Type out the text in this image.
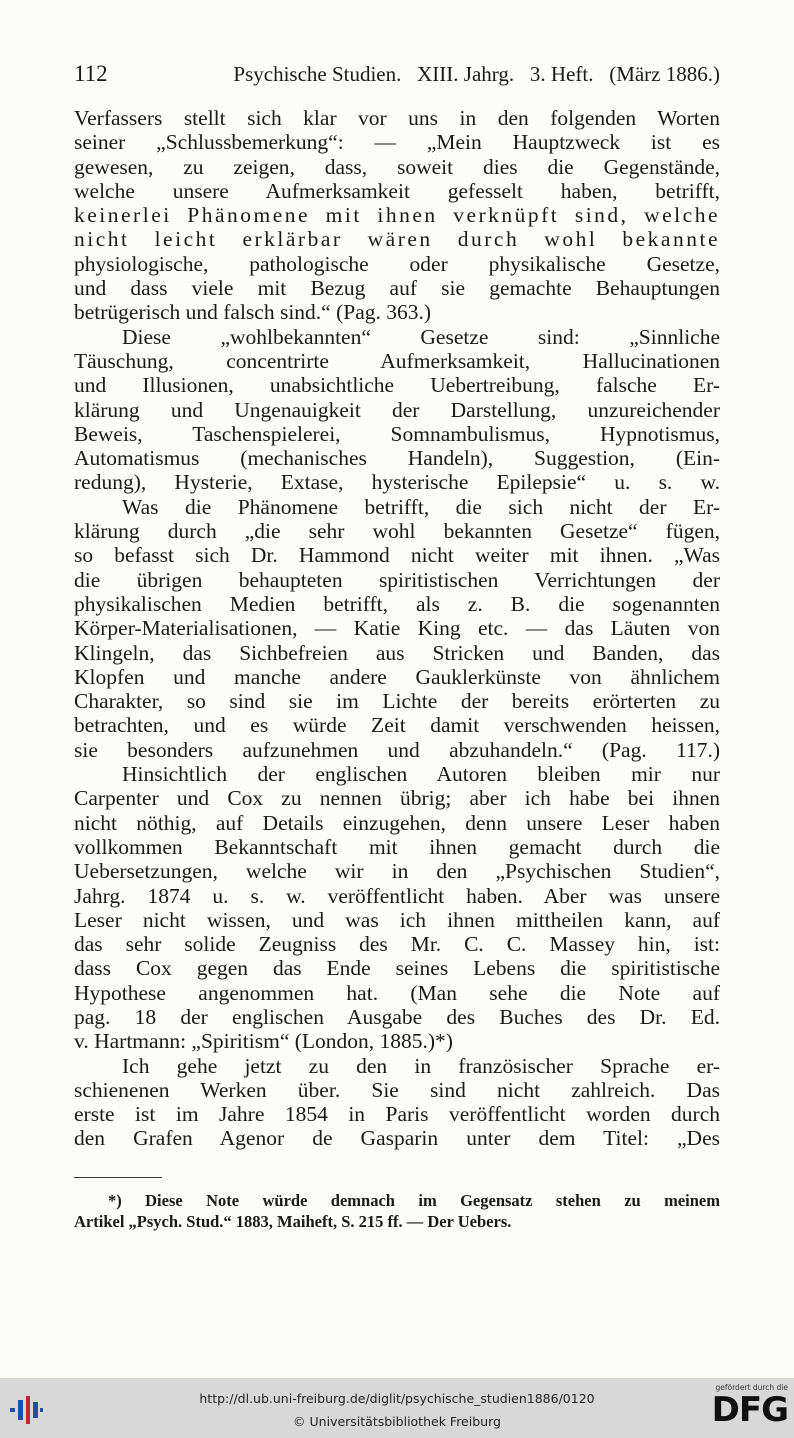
112	Psychische Studien.   XIII. Jahrg.   3. Heft.   (März 1886.)
Verfassers stellt sich klar vor uns in den folgenden Worten
seiner „Schlussbemerkung“: — „Mein Hauptzweck ist es
gewesen, zu zeigen, dass, soweit dies die Gegenstände,
welche unsere Aufmerksamkeit gefesselt haben, betrifft,
keinerlei Phänomene mit ihnen verknüpft sind, welche
nicht leicht erklärbar wären durch wohl bekannte
physiologische, pathologische oder physikalische Gesetze,
und dass viele mit Bezug auf sie gemachte Behauptungen
betrügerisch und falsch sind.“ (Pag. 363.)
Diese „wohlbekannten“ Gesetze sind: „Sinnliche
Täuschung, concentrirte Aufmerksamkeit, Hallucinationen
und Illusionen, unabsichtliche Uebertreibung, falsche Er-
klärung und Ungenauigkeit der Darstellung, unzureichender
Beweis, Taschenspielerei, Somnambulismus, Hypnotismus,
Automatismus (mechanisches Handeln), Suggestion, (Ein-
redung), Hysterie, Extase, hysterische Epilepsie“ u. s. w.
Was die Phänomene betrifft, die sich nicht der Er-
klärung durch „die sehr wohl bekannten Gesetze“ fügen,
so befasst sich Dr. Hammond nicht weiter mit ihnen. „Was
die übrigen behaupteten spiritistischen Verrichtungen der
physikalischen Medien betrifft, als z. B. die sogenannten
Körper-Materialisationen, — Katie King etc. — das Läuten von
Klingeln, das Sichbefreien aus Stricken und Banden, das
Klopfen und manche andere Gauklerkünste von ähnlichem
Charakter, so sind sie im Lichte der bereits erörterten zu
betrachten, und es würde Zeit damit verschwenden heissen,
sie besonders aufzunehmen und abzuhandeln.“ (Pag. 117.)
Hinsichtlich der englischen Autoren bleiben mir nur
Carpenter und Cox zu nennen übrig; aber ich habe bei ihnen
nicht nöthig, auf Details einzugehen, denn unsere Leser haben
vollkommen Bekanntschaft mit ihnen gemacht durch die
Uebersetzungen, welche wir in den „Psychischen Studien“,
Jahrg. 1874 u. s. w. veröffentlicht haben. Aber was unsere
Leser nicht wissen, und was ich ihnen mittheilen kann, auf
das sehr solide Zeugniss des Mr. C. C. Massey hin, ist:
dass Cox gegen das Ende seines Lebens die spiritistische
Hypothese angenommen hat. (Man sehe die Note auf
pag. 18 der englischen Ausgabe des Buches des Dr. Ed.
v. Hartmann: „Spiritism“ (London, 1885.)*)
Ich gehe jetzt zu den in französischer Sprache er-
schienenen Werken über. Sie sind nicht zahlreich. Das
erste ist im Jahre 1854 in Paris veröffentlicht worden durch
den Grafen Agenor de Gasparin unter dem Titel: „Des
*) Diese Note würde demnach im Gegensatz stehen zu meinem
Artikel „Psych. Stud.“ 1883, Maiheft, S. 215 ff. — Der Uebers.
http://dl.ub.uni-freiburg.de/diglit/psychische_studien1886/0120
© Universitätsbibliothek Freiburg
gefördert durch die
DFG
